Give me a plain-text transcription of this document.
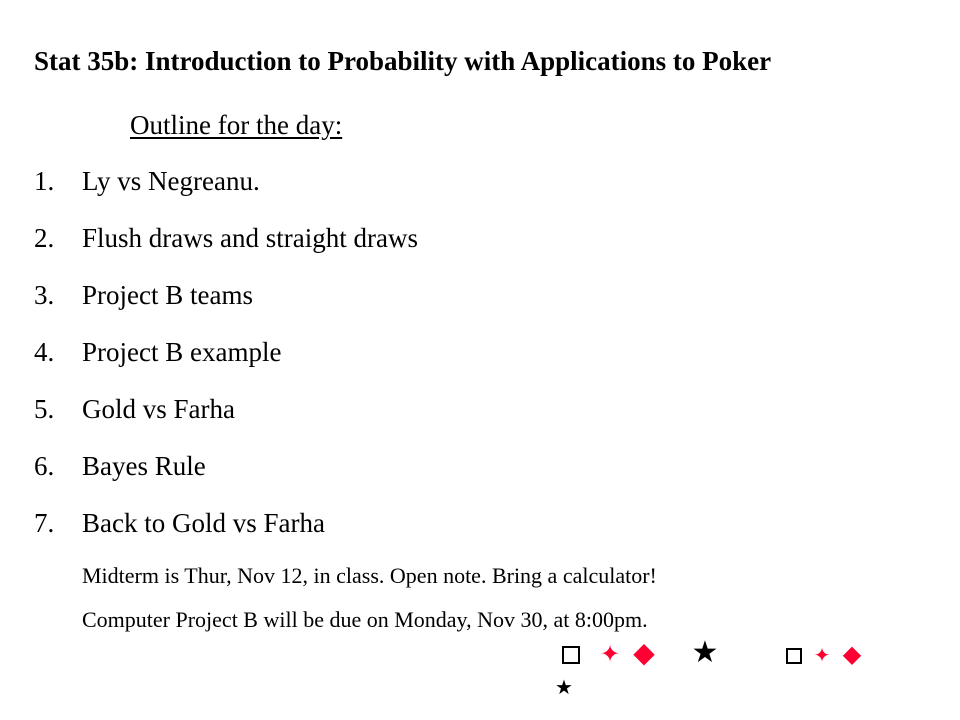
Stat 35b: Introduction to Probability with Applications to Poker
Outline for the day:
1.	Ly vs Negreanu.
2.	Flush draws and straight draws
3.	Project B teams
4.	Project B example
5.	Gold vs Farha
6.	Bayes Rule
7.	Back to Gold vs Farha
Midterm is Thur, Nov 12, in class. Open note. Bring a calculator!
Computer Project B will be due on Monday, Nov 30, at 8:00pm.
✦ ◆ ★	✦ ◆
★
